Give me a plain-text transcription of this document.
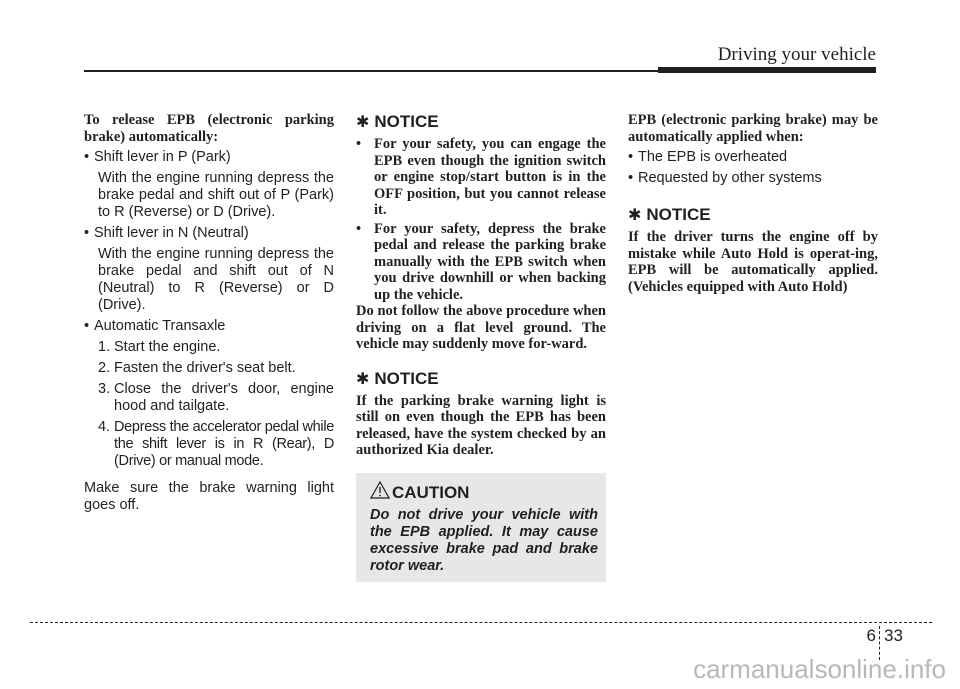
Driving your vehicle
To release EPB (electronic parking brake) automatically:
• Shift lever in P (Park)
With the engine running depress the brake pedal and shift out of P (Park) to R (Reverse) or D (Drive).
• Shift lever in N (Neutral)
With the engine running depress the brake pedal and shift out of N (Neutral) to R (Reverse) or D (Drive).
• Automatic Transaxle
1. Start the engine.
2. Fasten the driver's seat belt.
3. Close the driver's door, engine hood and tailgate.
4. Depress the accelerator pedal while the shift lever is in R (Rear), D (Drive) or manual mode.
Make sure the brake warning light goes off.
✱ NOTICE
• For your safety, you can engage the EPB even though the ignition switch or engine stop/start button is in the OFF position, but you cannot release it.
• For your safety, depress the brake pedal and release the parking brake manually with the EPB switch when you drive downhill or when backing up the vehicle.
Do not follow the above procedure when driving on a flat level ground. The vehicle may suddenly move for-ward.
✱ NOTICE
If the parking brake warning light is still on even though the EPB has been released, have the system checked by an authorized Kia dealer.
CAUTION
Do not drive your vehicle with the EPB applied. It may cause excessive brake pad and brake rotor wear.
EPB (electronic parking brake) may be automatically applied when:
• The EPB is overheated
• Requested by other systems
✱ NOTICE
If the driver turns the engine off by mistake while Auto Hold is operat-ing, EPB will be automatically applied. (Vehicles equipped with Auto Hold)
6 33
carmanualsonline.info
